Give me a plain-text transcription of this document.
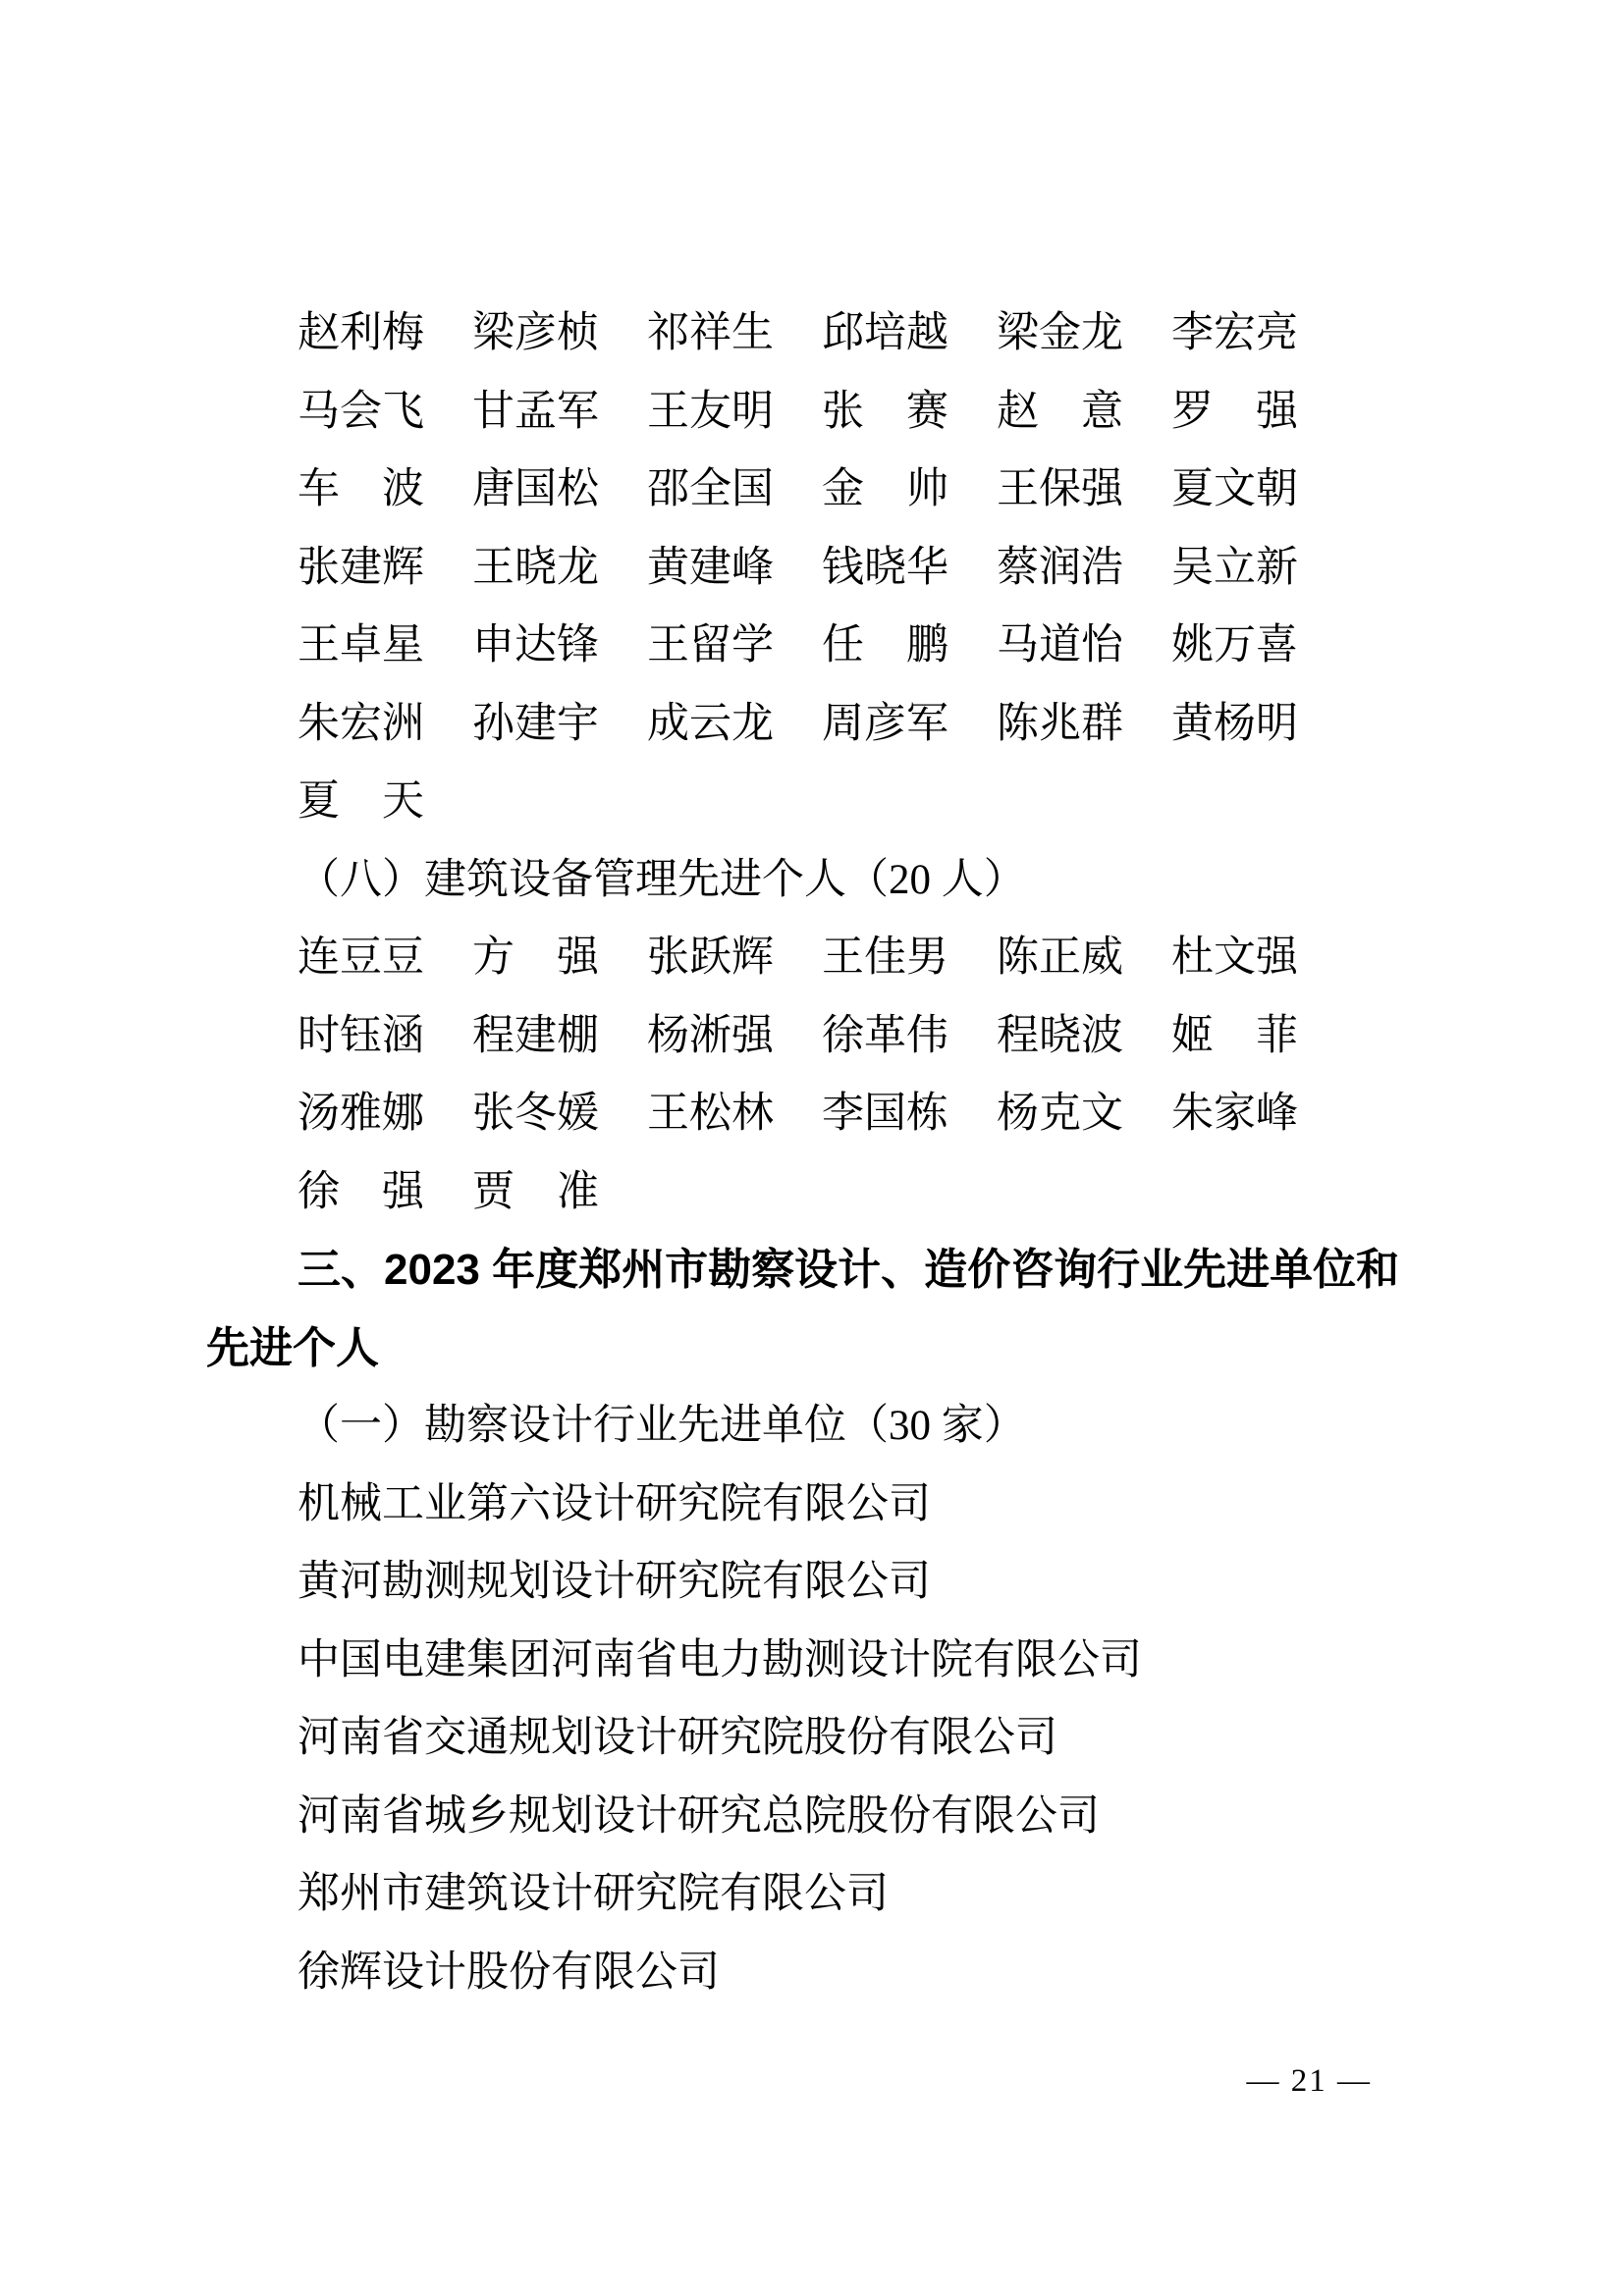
赵利梅 梁彦桢 祁祥生 邱培越 梁金龙 李宏亮
马会飞 甘孟军 王友明 张　赛 赵　意 罗　强
车　波 唐国松 邵全国 金　帅 王保强 夏文朝
张建辉 王晓龙 黄建峰 钱晓华 蔡润浩 吴立新
王卓星 申达锋 王留学 任　鹏 马道怡 姚万喜
朱宏洲 孙建宇 成云龙 周彦军 陈兆群 黄杨明
夏　天
（八）建筑设备管理先进个人（20 人）
连豆豆 方　强 张跃辉 王佳男 陈正威 杜文强
时钰涵 程建棚 杨淅强 徐革伟 程晓波 姬　菲
汤雅娜 张冬媛 王松林 李国栋 杨克文 朱家峰
徐　强 贾　准
三、2023 年度郑州市勘察设计、造价咨询行业先进单位和
先进个人
（一）勘察设计行业先进单位（30 家）
机械工业第六设计研究院有限公司
黄河勘测规划设计研究院有限公司
中国电建集团河南省电力勘测设计院有限公司
河南省交通规划设计研究院股份有限公司
河南省城乡规划设计研究总院股份有限公司
郑州市建筑设计研究院有限公司
徐辉设计股份有限公司
— 21 —
